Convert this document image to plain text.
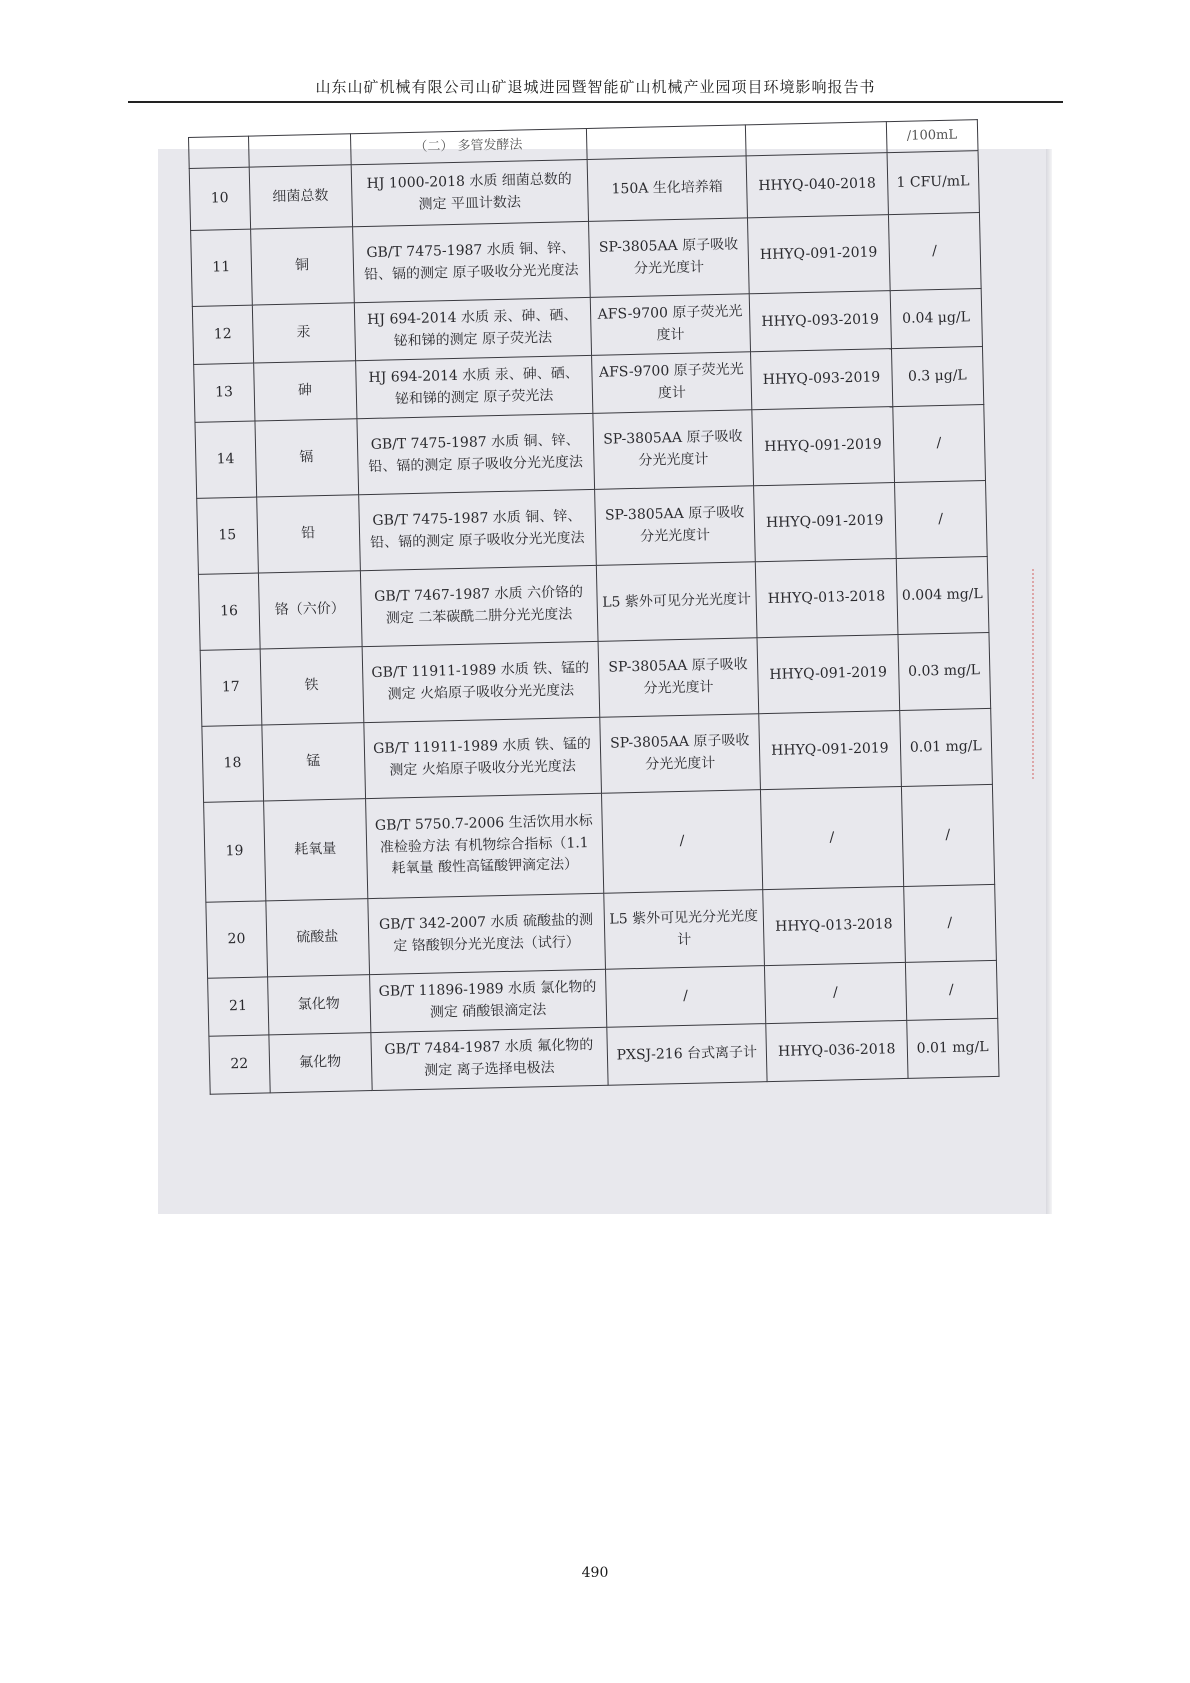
山东山矿机械有限公司山矿退城进园暨智能矿山机械产业园项目环境影响报告书
		（二） 多管发酵法			/100mL
10	细菌总数	HJ 1000-2018 水质 细菌总数的测定 平皿计数法	150A 生化培养箱	HHYQ-040-2018	1 CFU/mL
11	铜	GB/T 7475-1987 水质 铜、锌、铅、镉的测定 原子吸收分光光度法	SP-3805AA 原子吸收分光光度计	HHYQ-091-2019	/
12	汞	HJ 694-2014 水质 汞、砷、硒、铋和锑的测定 原子荧光法	AFS-9700 原子荧光光度计	HHYQ-093-2019	0.04 μg/L
13	砷	HJ 694-2014 水质 汞、砷、硒、铋和锑的测定 原子荧光法	AFS-9700 原子荧光光度计	HHYQ-093-2019	0.3 μg/L
14	镉	GB/T 7475-1987 水质 铜、锌、铅、镉的测定 原子吸收分光光度法	SP-3805AA 原子吸收分光光度计	HHYQ-091-2019	/
15	铅	GB/T 7475-1987 水质 铜、锌、铅、镉的测定 原子吸收分光光度法	SP-3805AA 原子吸收分光光度计	HHYQ-091-2019	/
16	铬（六价）	GB/T 7467-1987 水质 六价铬的测定 二苯碳酰二肼分光光度法	L5 紫外可见分光光度计	HHYQ-013-2018	0.004 mg/L
17	铁	GB/T 11911-1989 水质 铁、锰的测定 火焰原子吸收分光光度法	SP-3805AA 原子吸收分光光度计	HHYQ-091-2019	0.03 mg/L
18	锰	GB/T 11911-1989 水质 铁、锰的测定 火焰原子吸收分光光度法	SP-3805AA 原子吸收分光光度计	HHYQ-091-2019	0.01 mg/L
19	耗氧量	GB/T 5750.7-2006 生活饮用水标准检验方法 有机物综合指标（1.1 耗氧量 酸性高锰酸钾滴定法）	/	/	/
20	硫酸盐	GB/T 342-2007 水质 硫酸盐的测定 铬酸钡分光光度法（试行）	L5 紫外可见光分光光度计	HHYQ-013-2018	/
21	氯化物	GB/T 11896-1989 水质 氯化物的测定 硝酸银滴定法	/	/	/
22	氟化物	GB/T 7484-1987 水质 氟化物的测定 离子选择电极法	PXSJ-216 台式离子计	HHYQ-036-2018	0.01 mg/L
490
